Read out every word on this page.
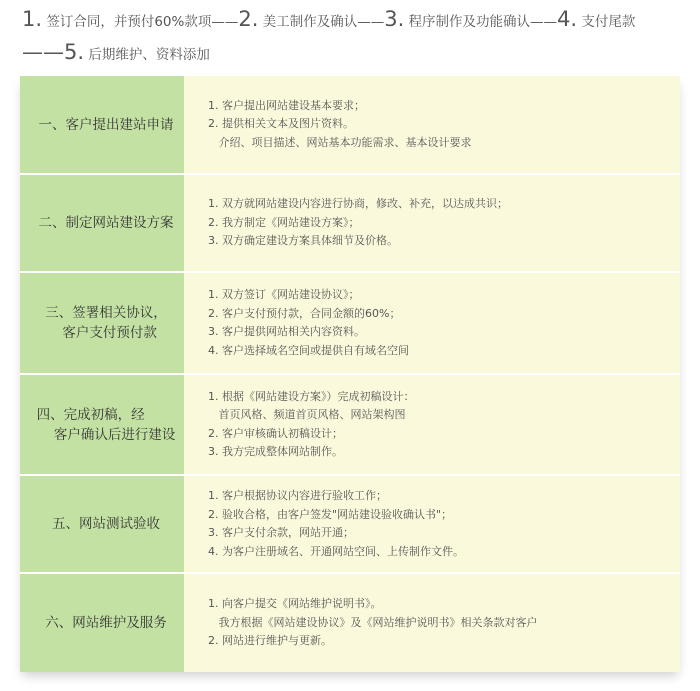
1. 签订合同，并预付60%款项——2. 美工制作及确认——3. 程序制作及功能确认——4. 支付尾款
——5. 后期维护、资料添加
一、客户提出建站申请
1. 客户提出网站建设基本要求；
2. 提供相关文本及图片资料。
介绍、项目描述、网站基本功能需求、基本设计要求
二、制定网站建设方案
1. 双方就网站建设内容进行协商，修改、补充，以达成共识；
2. 我方制定《网站建设方案》；
3. 双方确定建设方案具体细节及价格。
三、签署相关协议，
客户支付预付款
1. 双方签订《网站建设协议》；
2. 客户支付预付款，合同金额的60%；
3. 客户提供网站相关内容资料。
4. 客户选择域名空间或提供自有域名空间
四、完成初稿，经
客户确认后进行建设
1. 根据《网站建设方案》）完成初稿设计：
首页风格、频道首页风格、网站架构图
2. 客户审核确认初稿设计；
3. 我方完成整体网站制作。
五、网站测试验收
1. 客户根据协议内容进行验收工作；
2. 验收合格，由客户签发"网站建设验收确认书"；
3. 客户支付余款，网站开通；
4. 为客户注册域名、开通网站空间、上传制作文件。
六、网站维护及服务
1. 向客户提交《网站维护说明书》。
我方根据《网站建设协议》及《网站维护说明书》相关条款对客户
2. 网站进行维护与更新。
